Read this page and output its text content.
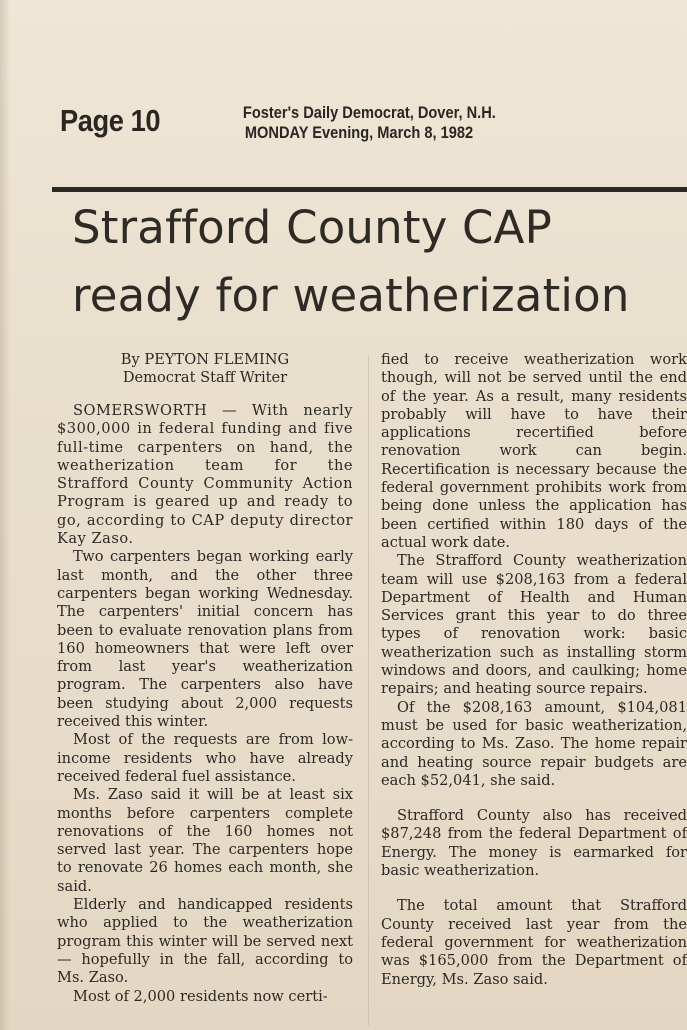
Page 10	Foster's Daily Democrat, Dover, N.H.
MONDAY Evening, March 8, 1982
Strafford County CAP
ready for weatherization
By PEYTON FLEMING
Democrat Staff Writer

SOMERSWORTH — With nearly $300,000 in federal funding and five full-time carpenters on hand, the weatherization team for the Strafford County Community Action Program is geared up and ready to go, according to CAP deputy director Kay Zaso.

Two carpenters began working early last month, and the other three carpenters began working Wednesday. The carpenters' initial concern has been to evaluate renovation plans from 160 homeowners that were left over from last year's weatherization program. The carpenters also have been studying about 2,000 requests received this winter.

Most of the requests are from low-income residents who have already received federal fuel assistance.

Ms. Zaso said it will be at least six months before carpenters complete renovations of the 160 homes not served last year. The carpenters hope to renovate 26 homes each month, she said.

Elderly and handicapped residents who applied to the weatherization program this winter will be served next — hopefully in the fall, according to Ms. Zaso.

Most of 2,000 residents now certi-

fied to receive weatherization work though, will not be served until the end of the year. As a result, many residents probably will have to have their applications recertified before renovation work can begin. Recertification is necessary because the federal government prohibits work from being done unless the application has been certified within 180 days of the actual work date.

The Strafford County weatherization team will use $208,163 from a federal Department of Health and Human Services grant this year to do three types of renovation work: basic weatherization such as installing storm windows and doors, and caulking; home repairs; and heating source repairs.

Of the $208,163 amount, $104,081 must be used for basic weatherization, according to Ms. Zaso. The home repair and heating source repair budgets are each $52,041, she said.

Strafford County also has received $87,248 from the federal Department of Energy. The money is earmarked for basic weatherization.

The total amount that Strafford County received last year from the federal government for weatherization was $165,000 from the Department of Energy, Ms. Zaso said.
